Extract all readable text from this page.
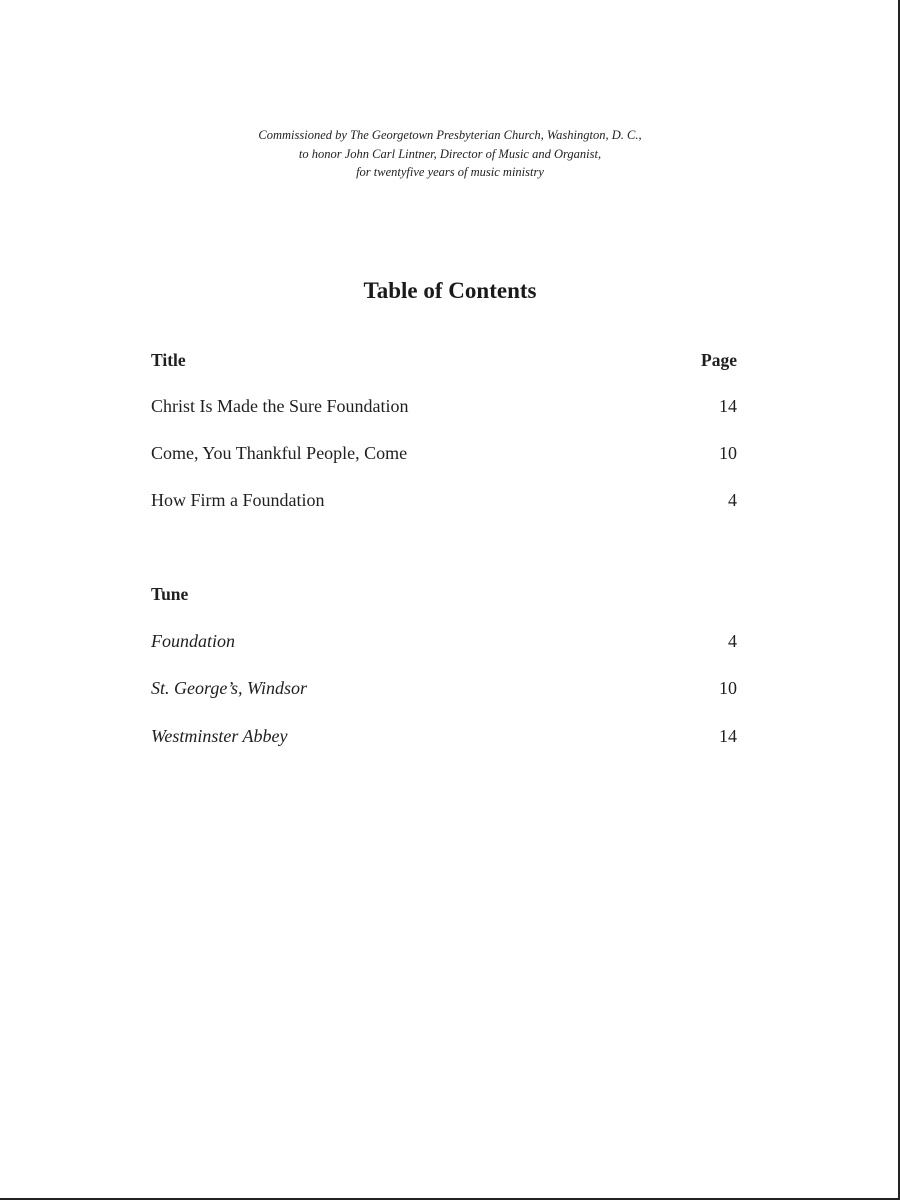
Commissioned by The Georgetown Presbyterian Church, Washington, D. C.,
to honor John Carl Lintner, Director of Music and Organist,
for twentyfive years of music ministry
Table of Contents
Title	Page
Christ Is Made the Sure Foundation	14
Come, You Thankful People, Come	10
How Firm a Foundation	4
Tune
Foundation	4
St. George’s, Windsor	10
Westminster Abbey	14
